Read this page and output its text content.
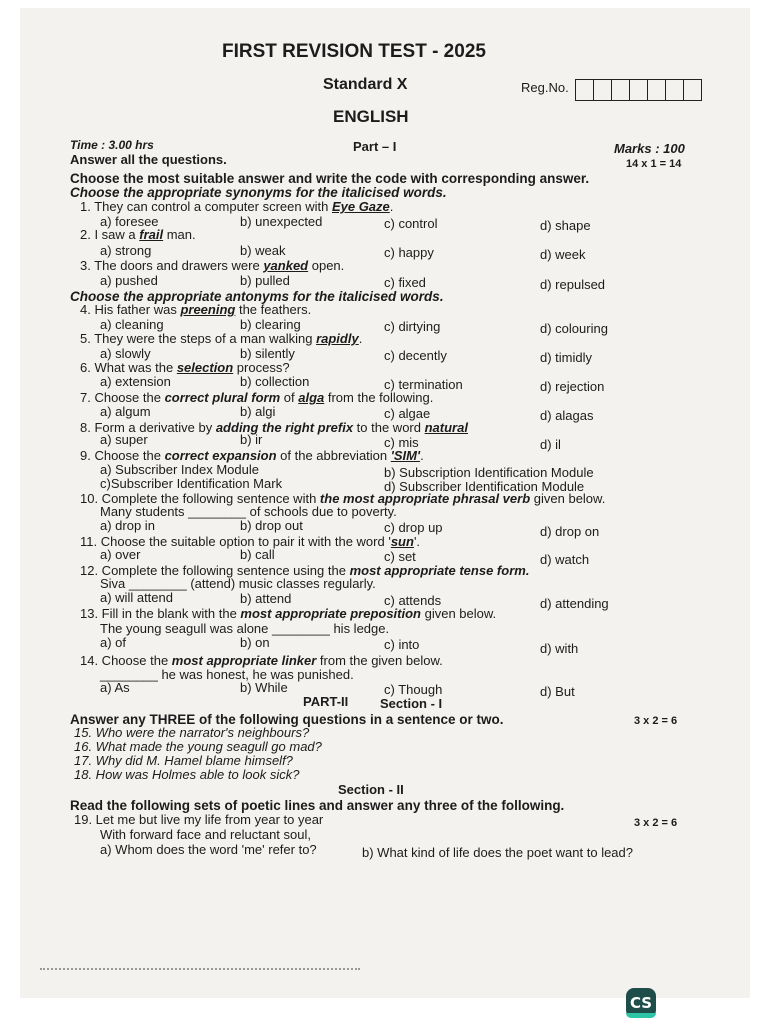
FIRST REVISION TEST - 2025
Standard X	Reg.No.
ENGLISH
Part – I
Time : 3.00 hrs	Marks : 100
Answer all the questions.	14 x 1 = 14
Choose the most suitable answer and write the code with corresponding answer.
Choose the appropriate synonyms for the italicised words.
1. They can control a computer screen with Eye Gaze.
a) foresee	b) unexpected	c) control	d) shape
2. I saw a frail man.
a) strong	b) weak	c) happy	d) week
3. The doors and drawers were yanked open.
a) pushed	b) pulled	c) fixed	d) repulsed
Choose the appropriate antonyms for the italicised words.
4. His father was preening the feathers.
a) cleaning	b) clearing	c) dirtying	d) colouring
5. They were the steps of a man walking rapidly.
a) slowly	b) silently	c) decently	d) timidly
6. What was the selection process?
a) extension	b) collection	c) termination	d) rejection
7. Choose the correct plural form of alga from the following.
a) algum	b) algi	c) algae	d) alagas
8. Form a derivative by adding the right prefix to the word natural
a) super	b) ir	c) mis	d) il
9. Choose the correct expansion of the abbreviation 'SIM'.
a) Subscriber Index Module	b) Subscription Identification Module
c)Subscriber Identification Mark	d) Subscriber Identification Module
10. Complete the following sentence with the most appropriate phrasal verb given below.
Many students ________ of schools due to poverty.
a) drop in	b) drop out	c) drop up	d) drop on
11. Choose the suitable option to pair it with the word 'sun'.
a) over	b) call	c) set	d) watch
12. Complete the following sentence using the most appropriate tense form.
Siva ________ (attend) music classes regularly.
a) will attend	b) attend	c) attends	d) attending
13. Fill in the blank with the most appropriate preposition given below.
The young seagull was alone ________ his ledge.
a) of	b) on	c) into	d) with
14. Choose the most appropriate linker from the given below.
________ he was honest, he was punished.
a) As	b) While	c) Though	d) But
PART-II Section - I
Answer any THREE of the following questions in a sentence or two.	3 x 2 = 6
15. Who were the narrator's neighbours?
16. What made the young seagull go mad?
17. Why did M. Hamel blame himself?
18. How was Holmes able to look sick?
Section - II
Read the following sets of poetic lines and answer any three of the following.
19. Let me but live my life from year to year	3 x 2 = 6
With forward face and reluctant soul,
a) Whom does the word 'me' refer to?	b) What kind of life does the poet want to lead?
CS
